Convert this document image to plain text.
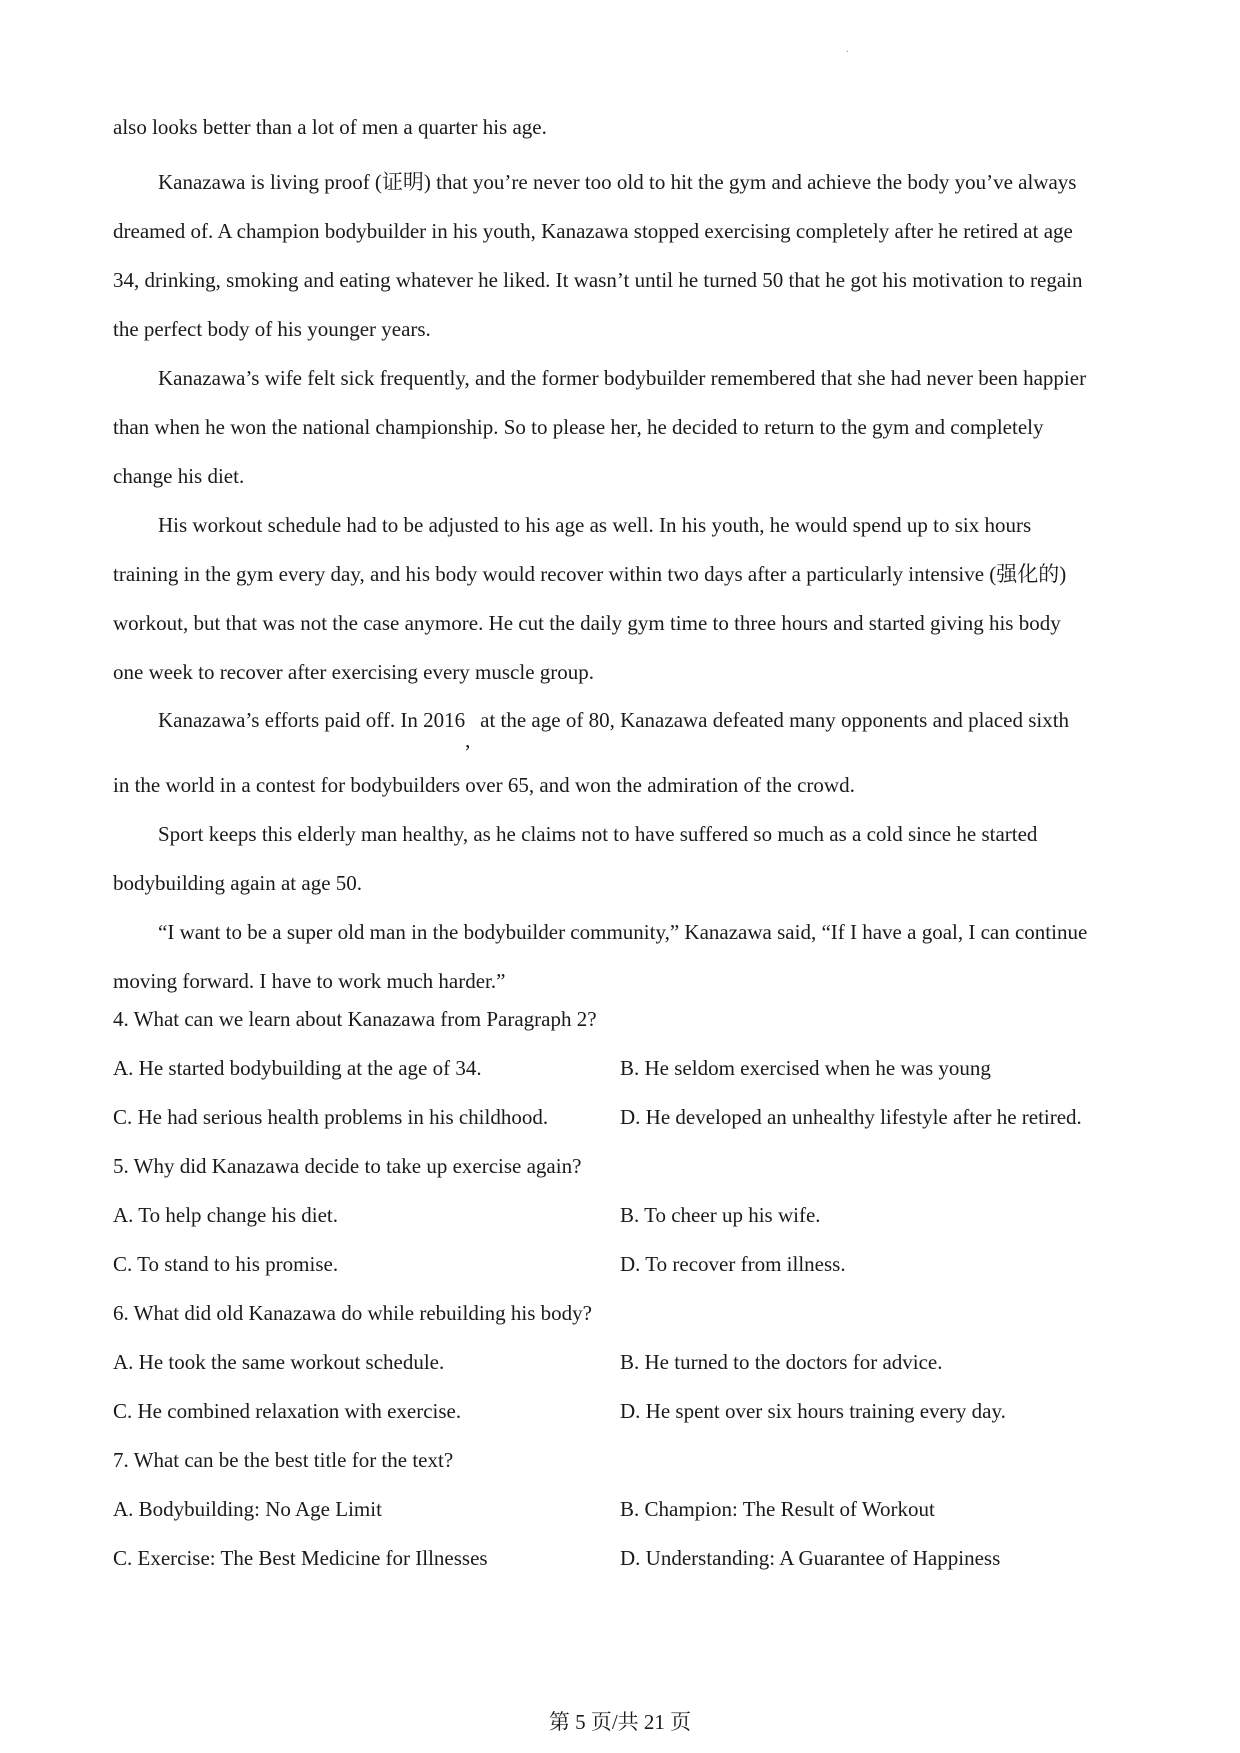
.

also looks better than a lot of men a quarter his age.

Kanazawa is living proof (证明) that you’re never too old to hit the gym and achieve the body you’ve always

dreamed of. A champion bodybuilder in his youth, Kanazawa stopped exercising completely after he retired at age

34, drinking, smoking and eating whatever he liked. It wasn’t until he turned 50 that he got his motivation to regain

the perfect body of his younger years.

Kanazawa’s wife felt sick frequently, and the former bodybuilder remembered that she had never been happier

than when he won the national championship. So to please her, he decided to return to the gym and completely

change his diet.

His workout schedule had to be adjusted to his age as well. In his youth, he would spend up to six hours

training in the gym every day, and his body would recover within two days after a particularly intensive (强化的)

workout, but that was not the case anymore. He cut the daily gym time to three hours and started giving his body

one week to recover after exercising every muscle group.

Kanazawa’s efforts paid off. In 2016,at the age of 80, Kanazawa defeated many opponents and placed sixth

in the world in a contest for bodybuilders over 65, and won the admiration of the crowd.

Sport keeps this elderly man healthy, as he claims not to have suffered so much as a cold since he started

bodybuilding again at age 50.

“I want to be a super old man in the bodybuilder community,” Kanazawa said, “If I have a goal, I can continue

moving forward. I have to work much harder.”

4. What can we learn about Kanazawa from Paragraph 2?
A. He started bodybuilding at the age of 34.	B. He seldom exercised when he was young
C. He had serious health problems in his childhood.	D. He developed an unhealthy lifestyle after he retired.
5. Why did Kanazawa decide to take up exercise again?
A. To help change his diet.	B. To cheer up his wife.
C. To stand to his promise.	D. To recover from illness.
6. What did old Kanazawa do while rebuilding his body?
A. He took the same workout schedule.	B. He turned to the doctors for advice.
C. He combined relaxation with exercise.	D. He spent over six hours training every day.
7. What can be the best title for the text?
A. Bodybuilding: No Age Limit	B. Champion: The Result of Workout
C. Exercise: The Best Medicine for Illnesses	D. Understanding: A Guarantee of Happiness
第 5 页/共 21 页
